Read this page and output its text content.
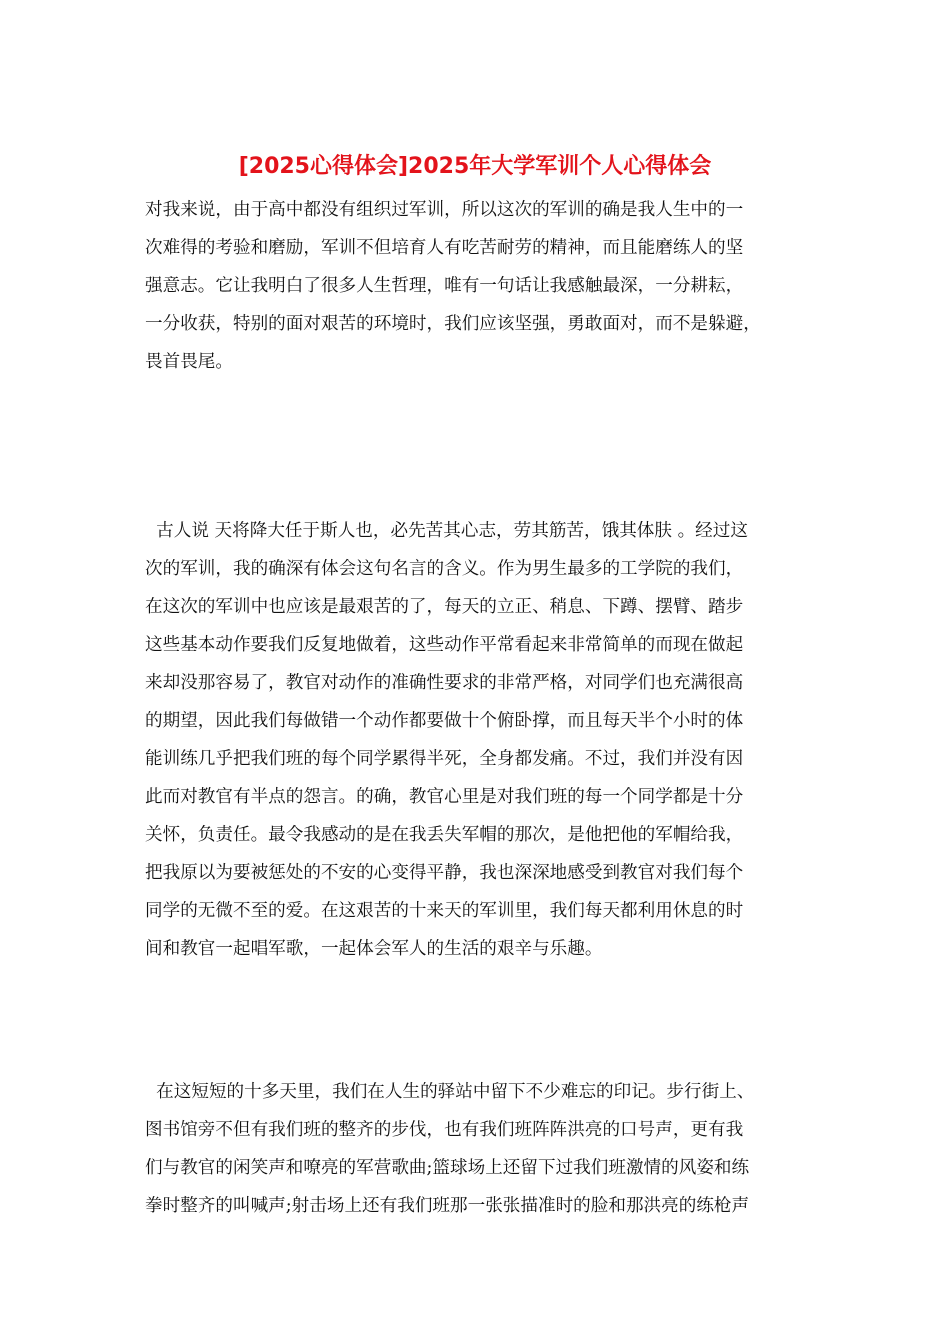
[2025心得体会]2025年大学军训个人心得体会
对我来说，由于高中都没有组织过军训，所以这次的军训的确是我人生中的一
次难得的考验和磨励，军训不但培育人有吃苦耐劳的精神，而且能磨练人的坚
强意志。它让我明白了很多人生哲理，唯有一句话让我感触最深，一分耕耘，
一分收获，特别的面对艰苦的环境时，我们应该坚强，勇敢面对，而不是躲避，
畏首畏尾。
古人说 天将降大任于斯人也，必先苦其心志，劳其筋苦，饿其体肤 。经过这
次的军训，我的确深有体会这句名言的含义。作为男生最多的工学院的我们，
在这次的军训中也应该是最艰苦的了，每天的立正、稍息、下蹲、摆臂、踏步
这些基本动作要我们反复地做着，这些动作平常看起来非常简单的而现在做起
来却没那容易了，教官对动作的准确性要求的非常严格，对同学们也充满很高
的期望，因此我们每做错一个动作都要做十个俯卧撑，而且每天半个小时的体
能训练几乎把我们班的每个同学累得半死，全身都发痛。不过，我们并没有因
此而对教官有半点的怨言。的确，教官心里是对我们班的每一个同学都是十分
关怀，负责任。最令我感动的是在我丢失军帽的那次，是他把他的军帽给我，
把我原以为要被惩处的不安的心变得平静，我也深深地感受到教官对我们每个
同学的无微不至的爱。在这艰苦的十来天的军训里，我们每天都利用休息的时
间和教官一起唱军歌，一起体会军人的生活的艰辛与乐趣。
在这短短的十多天里，我们在人生的驿站中留下不少难忘的印记。步行街上、
图书馆旁不但有我们班的整齐的步伐，也有我们班阵阵洪亮的口号声，更有我
们与教官的闲笑声和嘹亮的军营歌曲;篮球场上还留下过我们班激情的风姿和练
拳时整齐的叫喊声;射击场上还有我们班那一张张描准时的脸和那洪亮的练枪声
